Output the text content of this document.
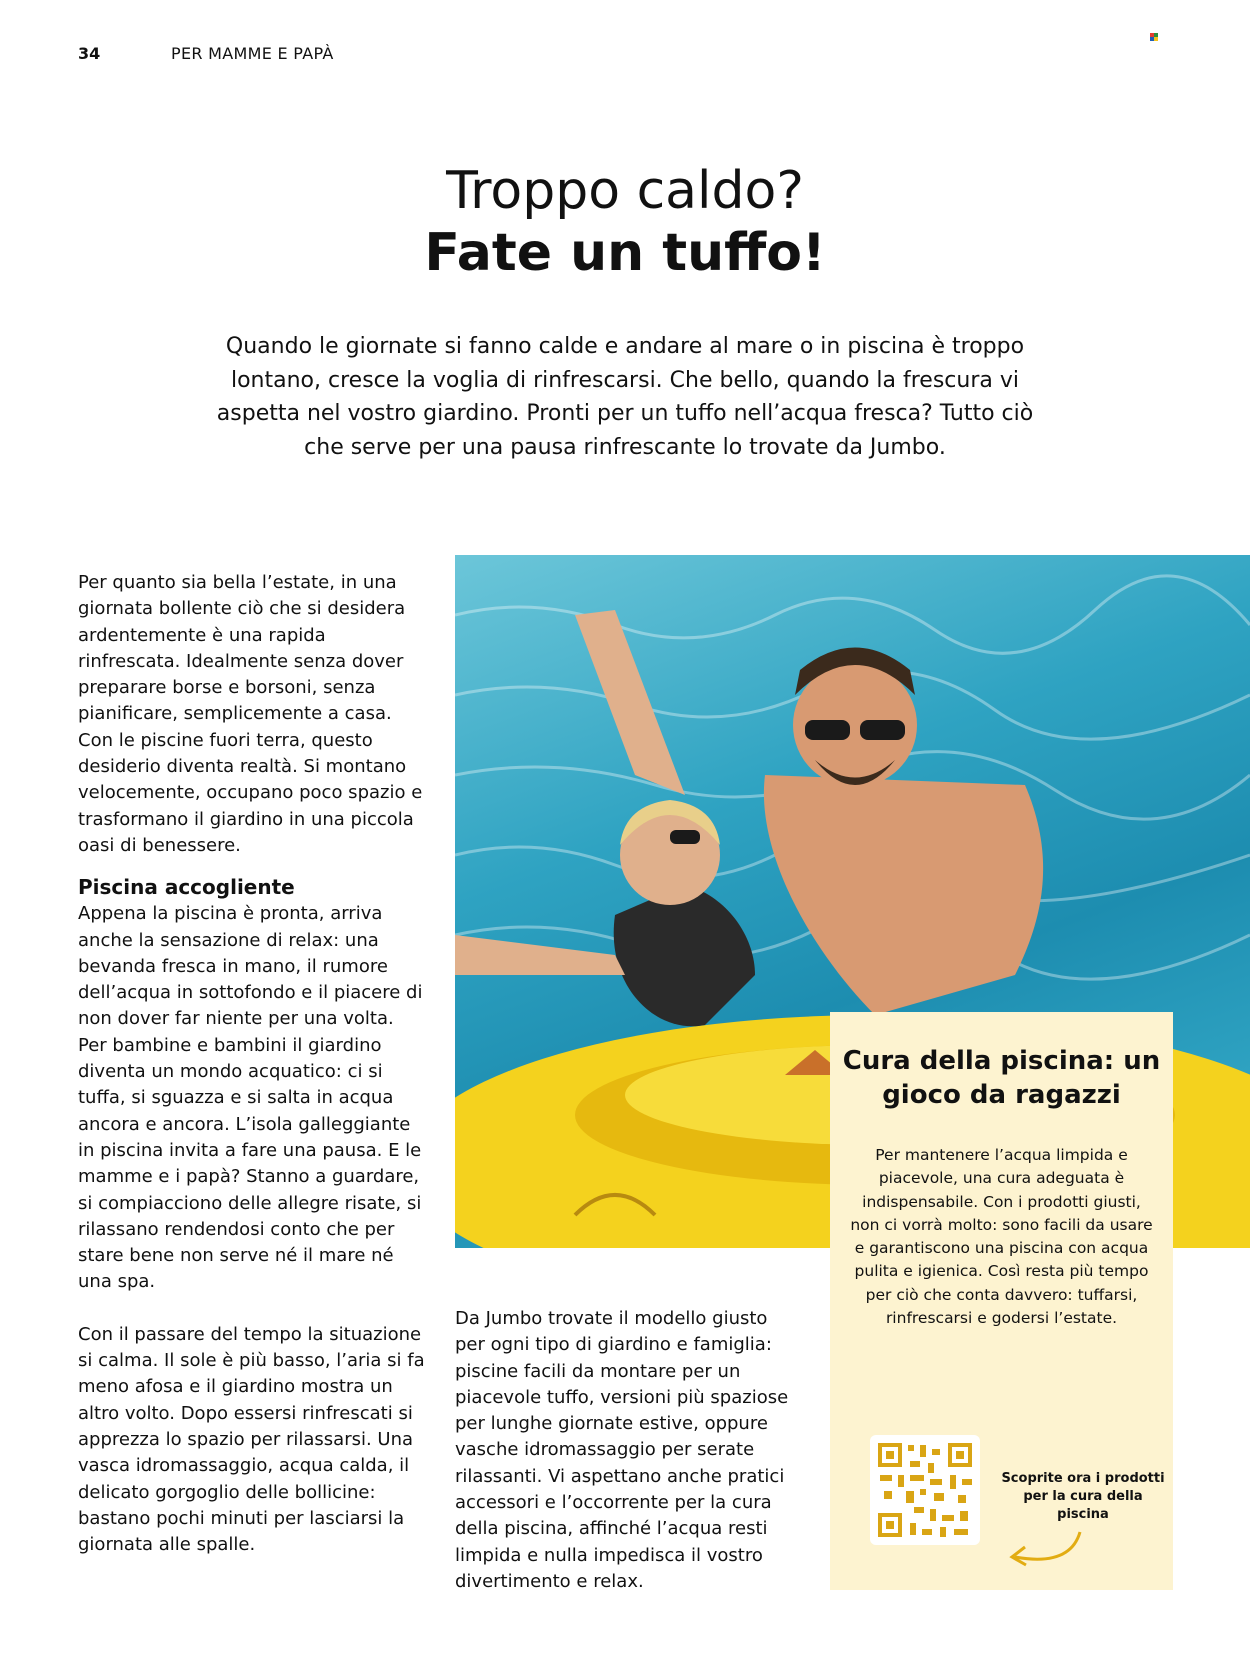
34	PER MAMME E PAPÀ
Troppo caldo?
Fate un tuffo!
Quando le giornate si fanno calde e andare al mare o in piscina è troppo lontano, cresce la voglia di rinfrescarsi. Che bello, quando la frescura vi aspetta nel vostro giardino. Pronti per un tuffo nell’acqua fresca? Tutto ciò che serve per una pausa rinfrescante lo trovate da Jumbo.

Per quanto sia bella l’estate, in una giornata bollente ciò che si desidera ardentemente è una rapida rinfrescata. Idealmente senza dover preparare borse e borsoni, senza pianificare, semplicemente a casa. Con le piscine fuori terra, questo desiderio diventa realtà. Si montano velocemente, occupano poco spazio e trasformano il giardino in una piccola oasi di benessere.

Piscina accogliente

Appena la piscina è pronta, arriva anche la sensazione di relax: una bevanda fresca in mano, il rumore dell’acqua in sottofondo e il piacere di non dover far niente per una volta. Per bambine e bambini il giardino diventa un mondo acquatico: ci si tuffa, si sguazza e si salta in acqua ancora e ancora. L’isola galleggiante in piscina invita a fare una pausa. E le mamme e i papà? Stanno a guardare, si compiacciono delle allegre risate, si rilassano rendendosi conto che per stare bene non serve né il mare né una spa.

Con il passare del tempo la situazione si calma. Il sole è più basso, l’aria si fa meno afosa e il giardino mostra un altro volto. Dopo essersi rinfrescati si apprezza lo spazio per rilassarsi. Una vasca idromassaggio, acqua calda, il delicato gorgoglio delle bollicine: bastano pochi minuti per lasciarsi la giornata alle spalle.

Da Jumbo trovate il modello giusto per ogni tipo di giardino e famiglia: piscine facili da montare per un piacevole tuffo, versioni più spaziose per lunghe giornate estive, oppure vasche idromassaggio per serate rilassanti. Vi aspettano anche pratici accessori e l’occorrente per la cura della piscina, affinché l’acqua resti limpida e nulla impedisca il vostro divertimento e relax.

Cura della piscina: un gioco da ragazzi
Per mantenere l’acqua limpida e piacevole, una cura adeguata è indispensabile. Con i prodotti giusti, non ci vorrà molto: sono facili da usare e garantiscono una piscina con acqua pulita e igienica. Così resta più tempo per ciò che conta davvero: tuffarsi, rinfrescarsi e godersi l’estate.
Scoprite ora i prodotti per la cura della piscina
